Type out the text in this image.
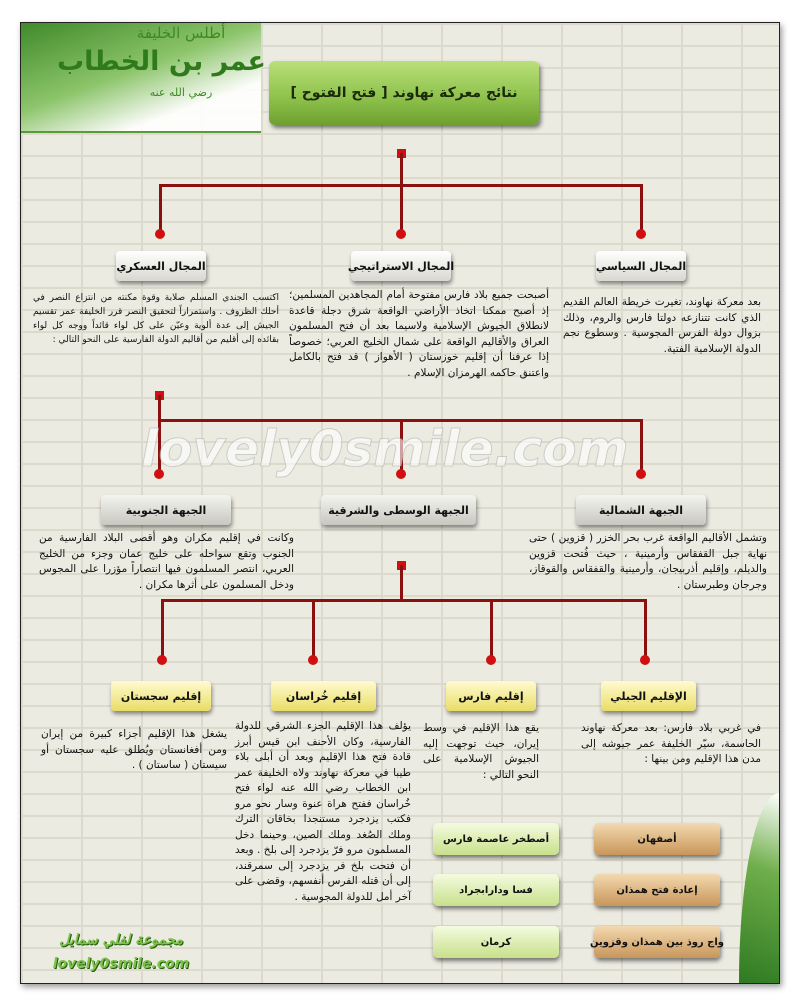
أطلس الخليفة
عمر بن الخطاب
رضي الله عنه	نتائج معركة نهاوند [ فتح الفتوح ]
المجال العسكري	المجال الاستراتيجي	المجال السياسي
اكتسب الجندي المسلم صلابة وقوة مكنته من انتزاع النصر في أحلك الظروف . واستمراراً لتحقيق النصر قرر الخليفة عمر تقسيم الجيش إلى عدة ألوية وعيّن على كل لواء قائداً ووجه كل لواء بقائده إلى أقليم من أقاليم الدولة الفارسية على النحو التالي :
أصبحت جميع بلاد فارس مفتوحة أمام المجاهدين المسلمين؛ إذ أصبح ممكنا اتخاذ الأراضي الواقعة شرق دجلة قاعدة لانطلاق الجيوش الإسلامية ولاسيما بعد أن فتح المسلمون العراق والأقاليم الواقعة على شمال الخليج العربي؛ خصوصاً إذا عرفنا أن إقليم خوزستان ( الأهواز ) قد فتح بالكامل واعتنق حاكمه الهرمزان الإسلام .
بعد معركة نهاوند، تغيرت خريطة العالم القديم الذي كانت تتنازعه دولتا فارس والروم، وذلك بزوال دولة الفرس المجوسية . وسطوع نجم الدولة الإسلامية الفتية.
lovely0smile.com
الجبهة الجنوبية	الجبهة الوسطى والشرقية	الجبهة الشمالية
وكانت في إقليم مكران وهو أقصى البلاد الفارسية من الجنوب وتقع سواحله على خليج عمان وجزء من الخليج العربي، انتصر المسلمون فيها انتصاراً مؤزرا على المجوس ودخل المسلمون على أثرها مكران .
وتشمل الأقاليم الواقعة غرب بحر الخزر ( قزوين ) حتى نهاية جبل القفقاس وأرمينية ، حيث فُتحت قزوين والديلم، وإقليم أذربيجان، وأرمينية والقفقاس والقوقاز، وجرجان وطبرستان .
إقليم سجستان	إقليم خُراسان	إقليم فارس	الإقليم الجبلي
يشغل هذا الإقليم أجزاء كبيرة من إيران ومن أفغانستان ويُطلق عليه سجستان أو سيستان ( ساستان ) .
يؤلف هذا الإقليم الجزء الشرقي للدولة الفارسية، وكان الأحنف ابن قيس أبرز قادة فتح هذا الإقليم وبعد أن أبلى بلاء طيبا في معركة نهاوند ولاه الخليفة عمر ابن الخطاب رضي الله عنه لواء فتح خُراسان ففتح هراة عنوة وسار نحو مرو فكتب يزدجرد مستنجدا بخاقان الترك وملك الصُغد وملك الصين، وحينما دخل المسلمون مرو فرّ يزدجرد إلى بلخ . وبعد أن فتحت بلخ فر يزدجرد إلى سمرقند، إلى أن قتله الفرس أنفسهم، وقضى على آخر أمل للدولة المجوسية .
يقع هذا الإقليم في وسط إيران، حيث توجهت إليه الجيوش الإسلامية على النحو التالي :
في غربي بلاد فارس: بعد معركة نهاوند الحاسمة، سيّر الخليفة عمر جيوشه إلى مدن هذا الإقليم ومن بينها :
أصطخر عاصمة فارس
فسا ودارابجراد
كرمان
أصفهان
إعادة فتح همذان
واج روذ بين همذان وقزوين
مجموعة لفلي سمايل
lovely0smile.com
